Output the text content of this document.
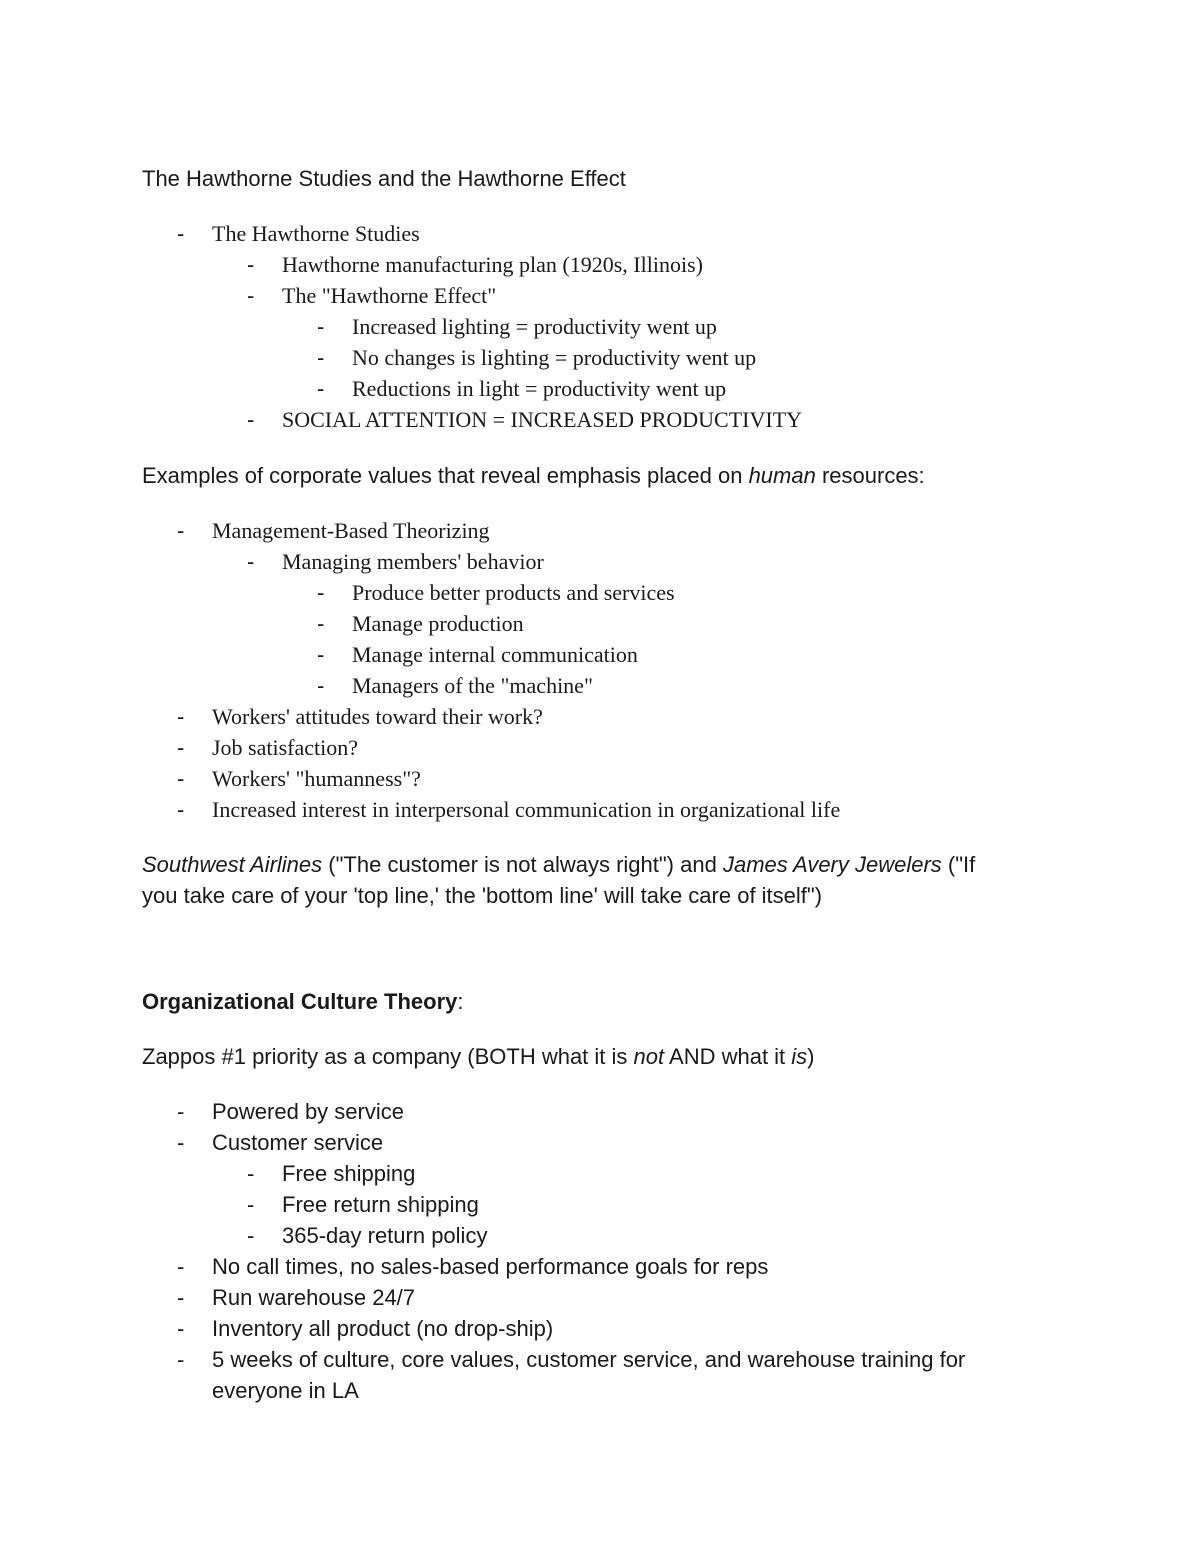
The Hawthorne Studies and the Hawthorne Effect
- The Hawthorne Studies
- Hawthorne manufacturing plan (1920s, Illinois)
- The "Hawthorne Effect"
- Increased lighting = productivity went up
- No changes is lighting = productivity went up
- Reductions in light = productivity went up
- SOCIAL ATTENTION = INCREASED PRODUCTIVITY
Examples of corporate values that reveal emphasis placed on human resources:
- Management-Based Theorizing
- Managing members' behavior
- Produce better products and services
- Manage production
- Manage internal communication
- Managers of the "machine"
- Workers' attitudes toward their work?
- Job satisfaction?
- Workers' "humanness"?
- Increased interest in interpersonal communication in organizational life
Southwest Airlines ("The customer is not always right") and James Avery Jewelers ("If
you take care of your 'top line,' the 'bottom line' will take care of itself")
Organizational Culture Theory:
Zappos #1 priority as a company (BOTH what it is not AND what it is)
- Powered by service
- Customer service
- Free shipping
- Free return shipping
- 365-day return policy
- No call times, no sales-based performance goals for reps
- Run warehouse 24/7
- Inventory all product (no drop-ship)
- 5 weeks of culture, core values, customer service, and warehouse training for
everyone in LA
